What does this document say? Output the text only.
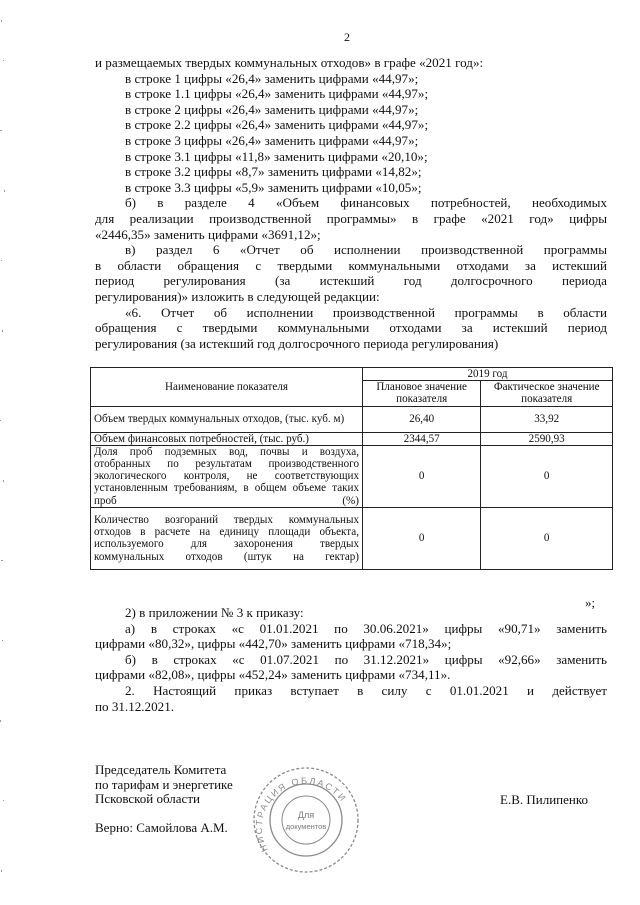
2
и размещаемых твердых коммунальных отходов» в графе «2021 год»:
в строке 1 цифры «26,4» заменить цифрами «44,97»;
в строке 1.1 цифры «26,4» заменить цифрами «44,97»;
в строке 2 цифры «26,4» заменить цифрами «44,97»;
в строке 2.2 цифры «26,4» заменить цифрами «44,97»;
в строке 3 цифры «26,4» заменить цифрами «44,97»;
в строке 3.1 цифры «11,8» заменить цифрами «20,10»;
в строке 3.2 цифры «8,7» заменить цифрами «14,82»;
в строке 3.3 цифры «5,9» заменить цифрами «10,05»;
б) в разделе 4 «Объем финансовых потребностей, необходимых
для реализации производственной программы» в графе «2021 год» цифры
«2446,35» заменить цифрами «3691,12»;
в) раздел 6 «Отчет об исполнении производственной программы
в области обращения с твердыми коммунальными отходами за истекший
период регулирования (за истекший год долгосрочного периода
регулирования)» изложить в следующей редакции:
«6. Отчет об исполнении производственной программы в области
обращения с твердыми коммунальными отходами за истекший период
регулирования (за истекший год долгосрочного периода регулирования)
Наименование показателя	2019 год	
	Плановое значение показателя	Фактическое значение показателя

Объем твердых коммунальных отходов, (тыс. куб. м)	26,40	33,92

Объем финансовых потребностей, (тыс. руб.)	2344,57	2590,93
Доля проб подземных вод, почвы и воздуха, отобранных по результатам производственного экологического контроля, не соответствующих установленным требованиям, в общем объеме таких проб (%)	0	0
Количество возгораний твердых коммунальных отходов в расчете на единицу площади объекта, используемого для захоронения твердых коммунальных отходов (штук на гектар)	0	0
»;
2) в приложении № 3 к приказу:
а) в строках «с 01.01.2021 по 30.06.2021» цифры «90,71» заменить
цифрами «80,32», цифры «442,70» заменить цифрами «718,34»;
б) в строках «с 01.07.2021 по 31.12.2021» цифры «92,66» заменить
цифрами «82,08», цифры «452,24» заменить цифрами «734,11».
2. Настоящий приказ вступает в силу с 01.01.2021 и действует
по 31.12.2021.
Председатель Комитета
по тарифам и энергетике
Псковской области	Е.В. Пилипенко
Верно: Самойлова А.М.
НИСТРАЦИЯ ОБЛАСТИ
Для
документов
